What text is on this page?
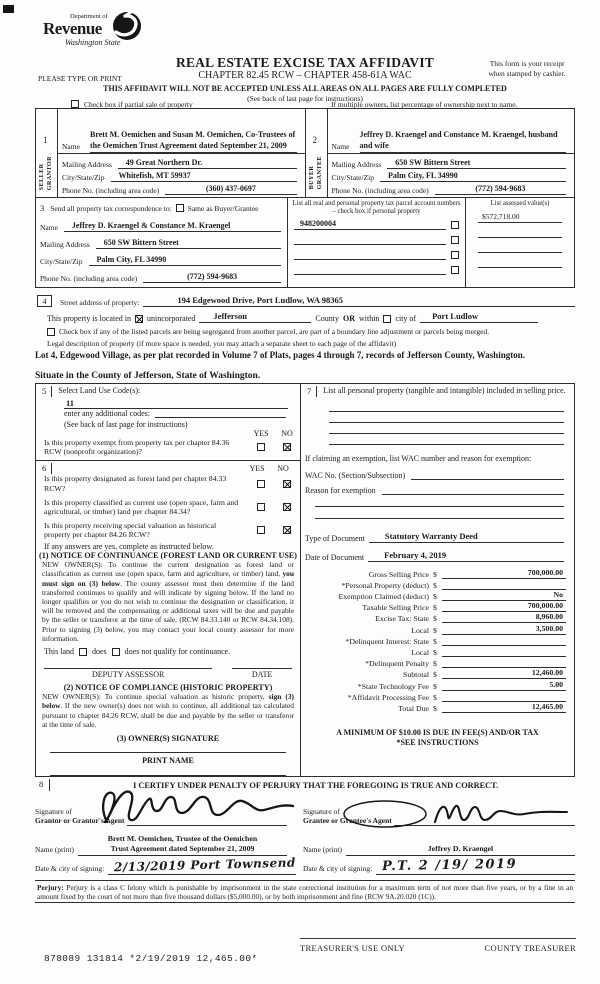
Department of
Revenue
Washington State
REAL ESTATE EXCISE TAX AFFIDAVIT
CHAPTER 82.45 RCW – CHAPTER 458-61A WAC
PLEASE TYPE OR PRINT
This form is your receipt
when stamped by cashier.
THIS AFFIDAVIT WILL NOT BE ACCEPTED UNLESS ALL AREAS ON ALL PAGES ARE FULLY COMPLETED
(See back of last page for instructions)
Check box if partial sale of property	If multiple owners, list percentage of ownership next to name.
1
SELLER GRANTOR
Name
Brett M. Oemichen and Susan M. Oemichen, Co-Trustees of the Oemichen Trust Agreement dated September 21, 2009
Mailing Address	49 Great Northern Dr.
City/State/Zip	Whitefish, MT 59937
Phone No. (including area code)	(360) 437-0697
2
BUYER GRANTEE
Name
Jeffrey D. Kraengel and Constance M. Kraengel, husband and wife
Mailing Address	650 SW Bittern Street
City/State/Zip	Palm City, FL 34990
Phone No. (including area code)	(772) 594-9683
3 Send all property tax correspondence to: Same as Buyer/Grantee
Name	Jeffrey D. Kraengel & Constance M. Kraengel
Mailing Address	650 SW Bittern Street
City/State/Zip	Palm City, FL 34990
Phone No. (including area code)	(772) 594-9683
List all real and personal property tax parcel account numbers – check box if personal property
948200004
List assessed value(s)
$572,718.00
4	Street address of property:	194 Edgewood Drive, Port Ludlow, WA 98365
This property is located in unincorporated	Jefferson	County OR within city of	Port Ludlow
Check box if any of the listed parcels are being segregated from another parcel, are part of a boundary line adjustment or parcels being merged.
Legal description of property (if more space is needed, you may attach a separate sheet to each page of the affidavit)
Lot 4, Edgewood Village, as per plat recorded in Volume 7 of Plats, pages 4 through 7, records of Jefferson County, Washington.
Situate in the County of Jefferson, State of Washington.
5	Select Land Use Code(s):
11
enter any additional codes:
(See back of last page for instructions)
YES	NO
Is this property exempt from property tax per chapter 84.36 RCW (nonprofit organization)?
6	YES	NO
Is this property designated as forest land per chapter 84.33 RCW?
Is this property classified as current use (open space, farm and agricultural, or timber) land per chapter 84.34?
Is this property receiving special valuation as historical property per chapter 84.26 RCW?
If any answers are yes, complete as instructed below.
(1) NOTICE OF CONTINUANCE (FOREST LAND OR CURRENT USE)
NEW OWNER(S): To continue the current designation as forest land or classification as current use (open space, farm and agriculture, or timber) land, you must sign on (3) below. The county assessor must then determine if the land transferred continues to qualify and will indicate by signing below. If the land no longer qualifies or you do not wish to continue the designation or classification, it will be removed and the compensating or additional taxes will be due and payable by the seller or transferor at the time of sale. (RCW 84.33.140 or RCW 84.34.108). Prior to signing (3) below, you may contact your local county assessor for more information.
This land does does not qualify for continuance.
DEPUTY ASSESSOR	DATE
(2) NOTICE OF COMPLIANCE (HISTORIC PROPERTY)
NEW OWNER(S): To continue special valuation as historic property, sign (3) below. If the new owner(s) does not wish to continue, all additional tax calculated pursuant to chapter 84.26 RCW, shall be due and payable by the seller or transferor at the time of sale.
(3) OWNER(S) SIGNATURE
PRINT NAME
7	List all personal property (tangible and intangible) included in selling price.
If claiming an exemption, list WAC number and reason for exemption:
WAC No. (Section/Subsection)
Reason for exemption
Type of Document	Statutory Warranty Deed
Date of Document	February 4, 2019
Gross Selling Price $	700,000.00
*Personal Property (deduct) $
Exemption Claimed (deduct) $	No
Taxable Selling Price $	700,000.00
Excise Tax: State $	8,960.00
Local $	3,500.00
*Delinquent Interest: State $
Local $
*Delinquent Penalty $
Subtotal $	12,460.00
*State Technology Fee $	5.00
*Affidavit Processing Fee $
Total Due $	12,465.00
A MINIMUM OF $10.00 IS DUE IN FEE(S) AND/OR TAX
*SEE INSTRUCTIONS
8	I CERTIFY UNDER PENALTY OF PERJURY THAT THE FOREGOING IS TRUE AND CORRECT.
Signature of
Grantor or Grantor's Agent
Signature of
Grantee or Grantee's Agent
Name (print)
Brett M. Oemichen, Trustee of the Oemichen
Trust Agreement dated September 21, 2009	Name (print)	Jeffrey D. Kraengel
Date & city of signing: 2/13/2019 Port Townsend Date & city of signing: P.T. 2 /19/ 2019
Perjury: Perjury is a class C felony which is punishable by imprisonment in the state correctional institution for a maximum term of not more than five years, or by a fine in an amount fixed by the court of not more than five thousand dollars ($5,000.00), or by both imprisonment and fine (RCW 9A.20.020 (1C)).
878089 131814 *2/19/2019 12,465.00*
TREASURER'S USE ONLY	COUNTY TREASURER
